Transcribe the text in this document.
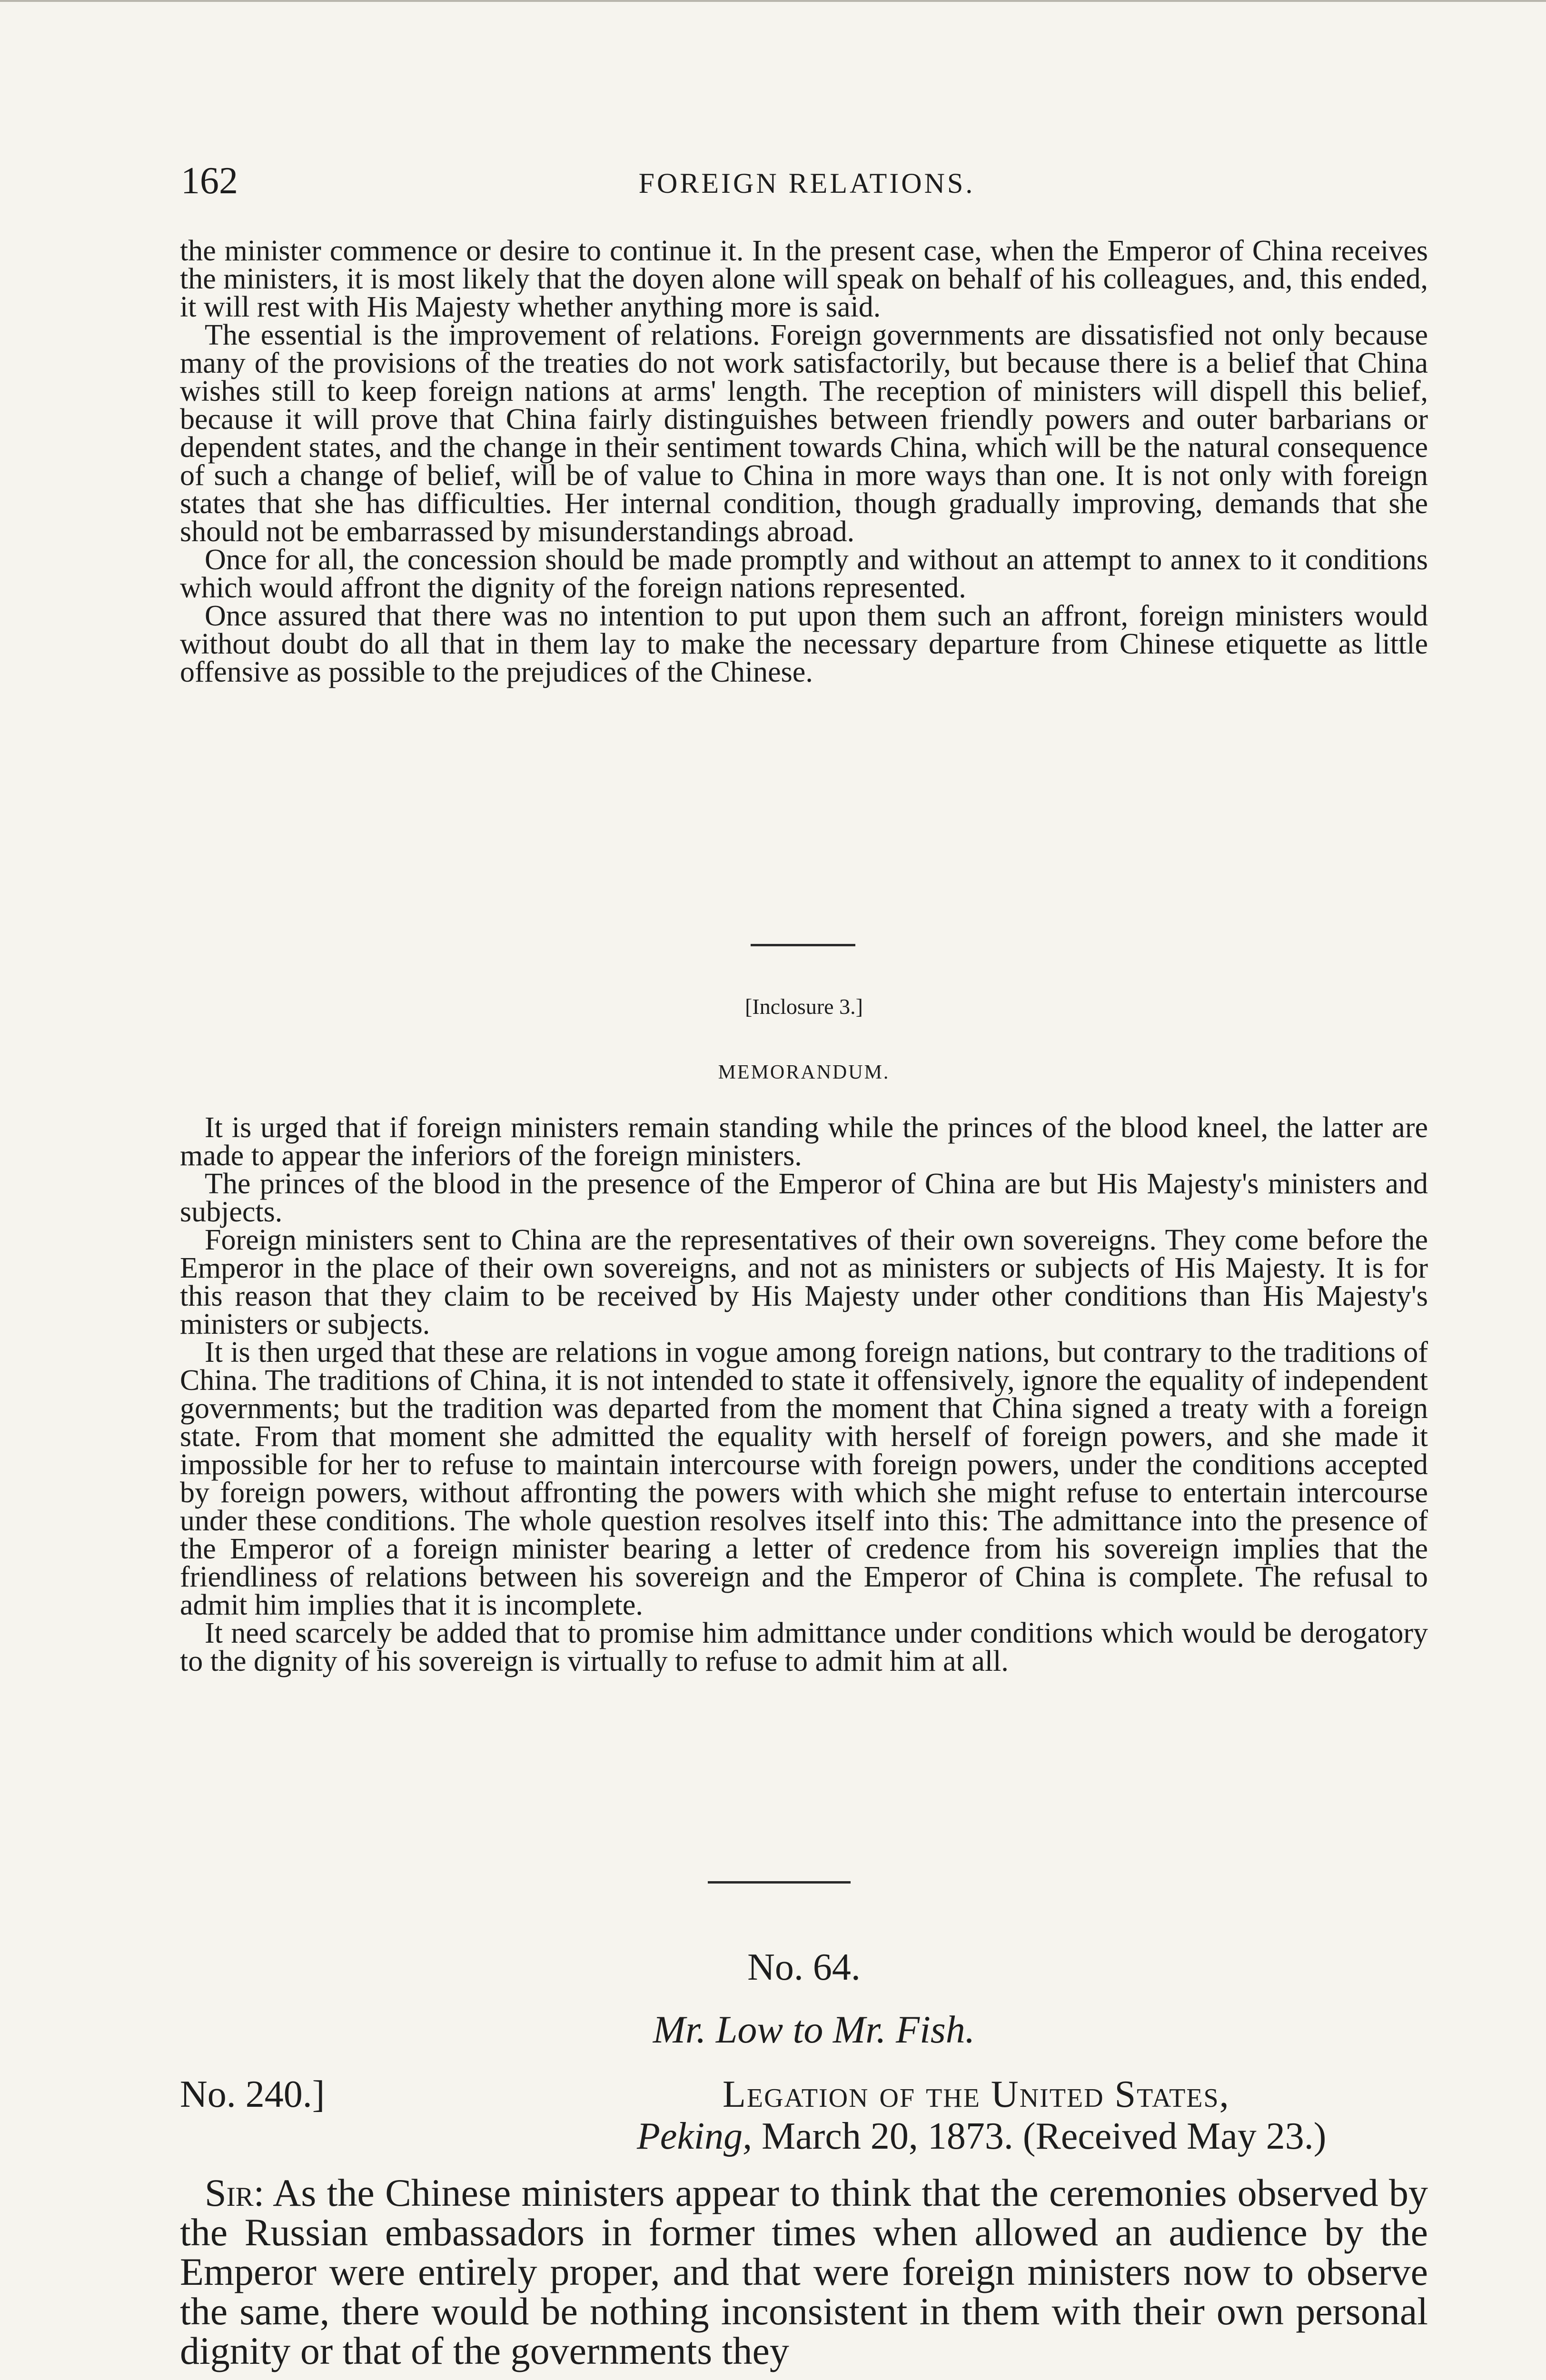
162	FOREIGN RELATIONS.

the minister commence or desire to continue it. In the present case, when the Emperor of China receives the ministers, it is most likely that the doyen alone will speak on behalf of his colleagues, and, this ended, it will rest with His Majesty whether anything more is said.

The essential is the improvement of relations. Foreign governments are dissatisfied not only because many of the provisions of the treaties do not work satisfactorily, but because there is a belief that China wishes still to keep foreign nations at arms' length. The reception of ministers will dispell this belief, because it will prove that China fairly distinguishes between friendly powers and outer barbarians or dependent states, and the change in their sentiment towards China, which will be the natural consequence of such a change of belief, will be of value to China in more ways than one. It is not only with foreign states that she has difficulties. Her internal condition, though gradually improving, demands that she should not be embarrassed by misunderstandings abroad.

Once for all, the concession should be made promptly and without an attempt to annex to it conditions which would affront the dignity of the foreign nations represented.

Once assured that there was no intention to put upon them such an affront, foreign ministers would without doubt do all that in them lay to make the necessary departure from Chinese etiquette as little offensive as possible to the prejudices of the Chinese.

[Inclosure 3.]
MEMORANDUM.

It is urged that if foreign ministers remain standing while the princes of the blood kneel, the latter are made to appear the inferiors of the foreign ministers.

The princes of the blood in the presence of the Emperor of China are but His Majesty's ministers and subjects.

Foreign ministers sent to China are the representatives of their own sovereigns. They come before the Emperor in the place of their own sovereigns, and not as ministers or subjects of His Majesty. It is for this reason that they claim to be received by His Majesty under other conditions than His Majesty's ministers or subjects.

It is then urged that these are relations in vogue among foreign nations, but contrary to the traditions of China. The traditions of China, it is not intended to state it offensively, ignore the equality of independent governments; but the tradition was departed from the moment that China signed a treaty with a foreign state. From that moment she admitted the equality with herself of foreign powers, and she made it impossible for her to refuse to maintain intercourse with foreign powers, under the conditions accepted by foreign powers, without affronting the powers with which she might refuse to entertain intercourse under these conditions. The whole question resolves itself into this: The admittance into the presence of the Emperor of a foreign minister bearing a letter of credence from his sovereign implies that the friendliness of relations between his sovereign and the Emperor of China is complete. The refusal to admit him implies that it is incomplete.

It need scarcely be added that to promise him admittance under conditions which would be derogatory to the dignity of his sovereign is virtually to refuse to admit him at all.

No. 64.
Mr. Low to Mr. Fish.
No. 240.]	Legation of the United States,
Peking, March 20, 1873. (Received May 23.)

Sir: As the Chinese ministers appear to think that the ceremonies observed by the Russian embassadors in former times when allowed an audience by the Emperor were entirely proper, and that were foreign ministers now to observe the same, there would be nothing inconsistent in them with their own personal dignity or that of the governments they
